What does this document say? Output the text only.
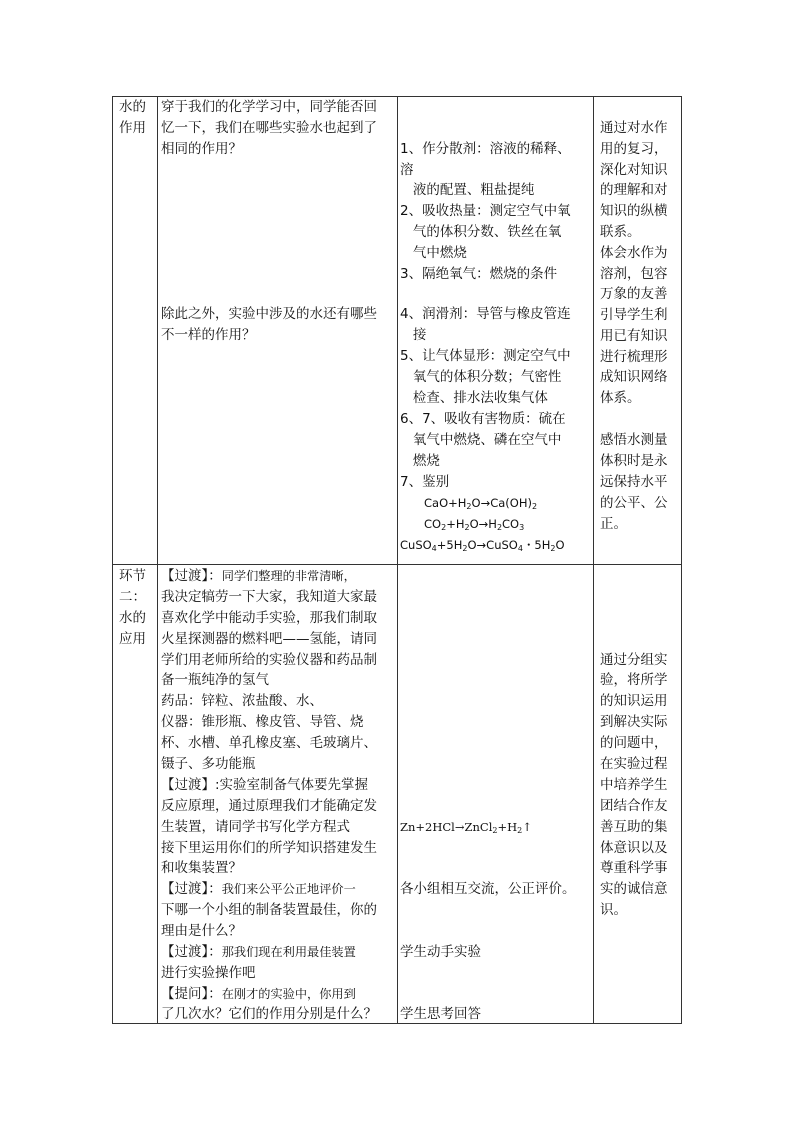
水的
作用
穿于我们的化学学习中，同学能否回
忆一下，我们在哪些实验水也起到了
相同的作用？
除此之外，实验中涉及的水还有哪些
不一样的作用？
1、作分散剂：溶液的稀释、
溶
液的配置、粗盐提纯
2、吸收热量：测定空气中氧
气的体积分数、铁丝在氧
气中燃烧
3、隔绝氧气：燃烧的条件
4、润滑剂：导管与橡皮管连
接
5、让气体显形：测定空气中
氧气的体积分数；气密性
检查、排水法收集气体
6、7、吸收有害物质：硫在
氧气中燃烧、磷在空气中
燃烧
7、鉴别
$CaO+H_2O\to Ca(OH)_2$
$CO_2+H_2O\to H_2CO_3$
$CuSO_4+5H_2O\to CuSO_4$・$5H_2O$
通过对水作
用的复习，
深化对知识
的理解和对
知识的纵横
联系。
体会水作为
溶剂，包容
万象的友善
引导学生利
用已有知识
进行梳理形
成知识网络
体系。
感悟水测量
体积时是永
远保持水平
的公平、公
正。
环节
二：
水的
应用
【过渡】：同学们整理的非常清晰，
我决定犒劳一下大家，我知道大家最
喜欢化学中能动手实验，那我们制取
火星探测器的燃料吧——氢能，请同
学们用老师所给的实验仪器和药品制
备一瓶纯净的氢气
药品：锌粒、浓盐酸、水、
仪器：锥形瓶、橡皮管、导管、烧
杯、水槽、单孔橡皮塞、毛玻璃片、
镊子、多功能瓶
【过渡】:实验室制备气体要先掌握
反应原理，通过原理我们才能确定发
生装置，请同学书写化学方程式
接下里运用你们的所学知识搭建发生
和收集装置？
【过渡】：我们来公平公正地评价一
下哪一个小组的制备装置最佳，你的
理由是什么？
【过渡】：那我们现在利用最佳装置
进行实验操作吧
【提问】：在刚才的实验中，你用到
了几次水？它们的作用分别是什么？
$Zn+2HCl\to ZnCl_2+H_2↑$
各小组相互交流，公正评价。
学生动手实验
学生思考回答
通过分组实
验，将所学
的知识运用
到解决实际
的问题中，
在实验过程
中培养学生
团结合作友
善互助的集
体意识以及
尊重科学事
实的诚信意
识。
